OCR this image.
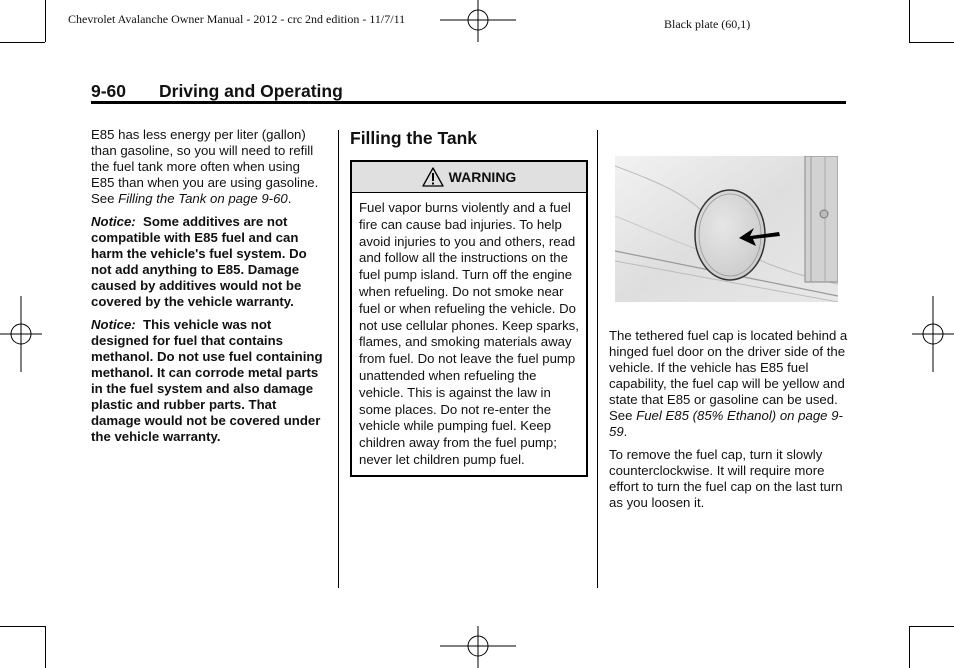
Chevrolet Avalanche Owner Manual - 2012 - crc 2nd edition - 11/7/11	Black plate (60,1)
9-60 Driving and Operating

E85 has less energy per liter (gallon) than gasoline, so you will need to refill the fuel tank more often when using E85 than when you are using gasoline. See Filling the Tank on page 9-60.

Notice: Some additives are not compatible with E85 fuel and can harm the vehicle's fuel system. Do not add anything to E85. Damage caused by additives would not be covered by the vehicle warranty.

Notice: This vehicle was not designed for fuel that contains methanol. Do not use fuel containing methanol. It can corrode metal parts in the fuel system and also damage plastic and rubber parts. That damage would not be covered under the vehicle warranty.

Filling the Tank
WARNING
Fuel vapor burns violently and a fuel fire can cause bad injuries. To help avoid injuries to you and others, read and follow all the instructions on the fuel pump island. Turn off the engine when refueling. Do not smoke near fuel or when refueling the vehicle. Do not use cellular phones. Keep sparks, flames, and smoking materials away from fuel. Do not leave the fuel pump unattended when refueling the vehicle. This is against the law in some places. Do not re-enter the vehicle while pumping fuel. Keep children away from the fuel pump; never let children pump fuel.

The tethered fuel cap is located behind a hinged fuel door on the driver side of the vehicle. If the vehicle has E85 fuel capability, the fuel cap will be yellow and state that E85 or gasoline can be used. See Fuel E85 (85% Ethanol) on page 9-59.

To remove the fuel cap, turn it slowly counterclockwise. It will require more effort to turn the fuel cap on the last turn as you loosen it.
